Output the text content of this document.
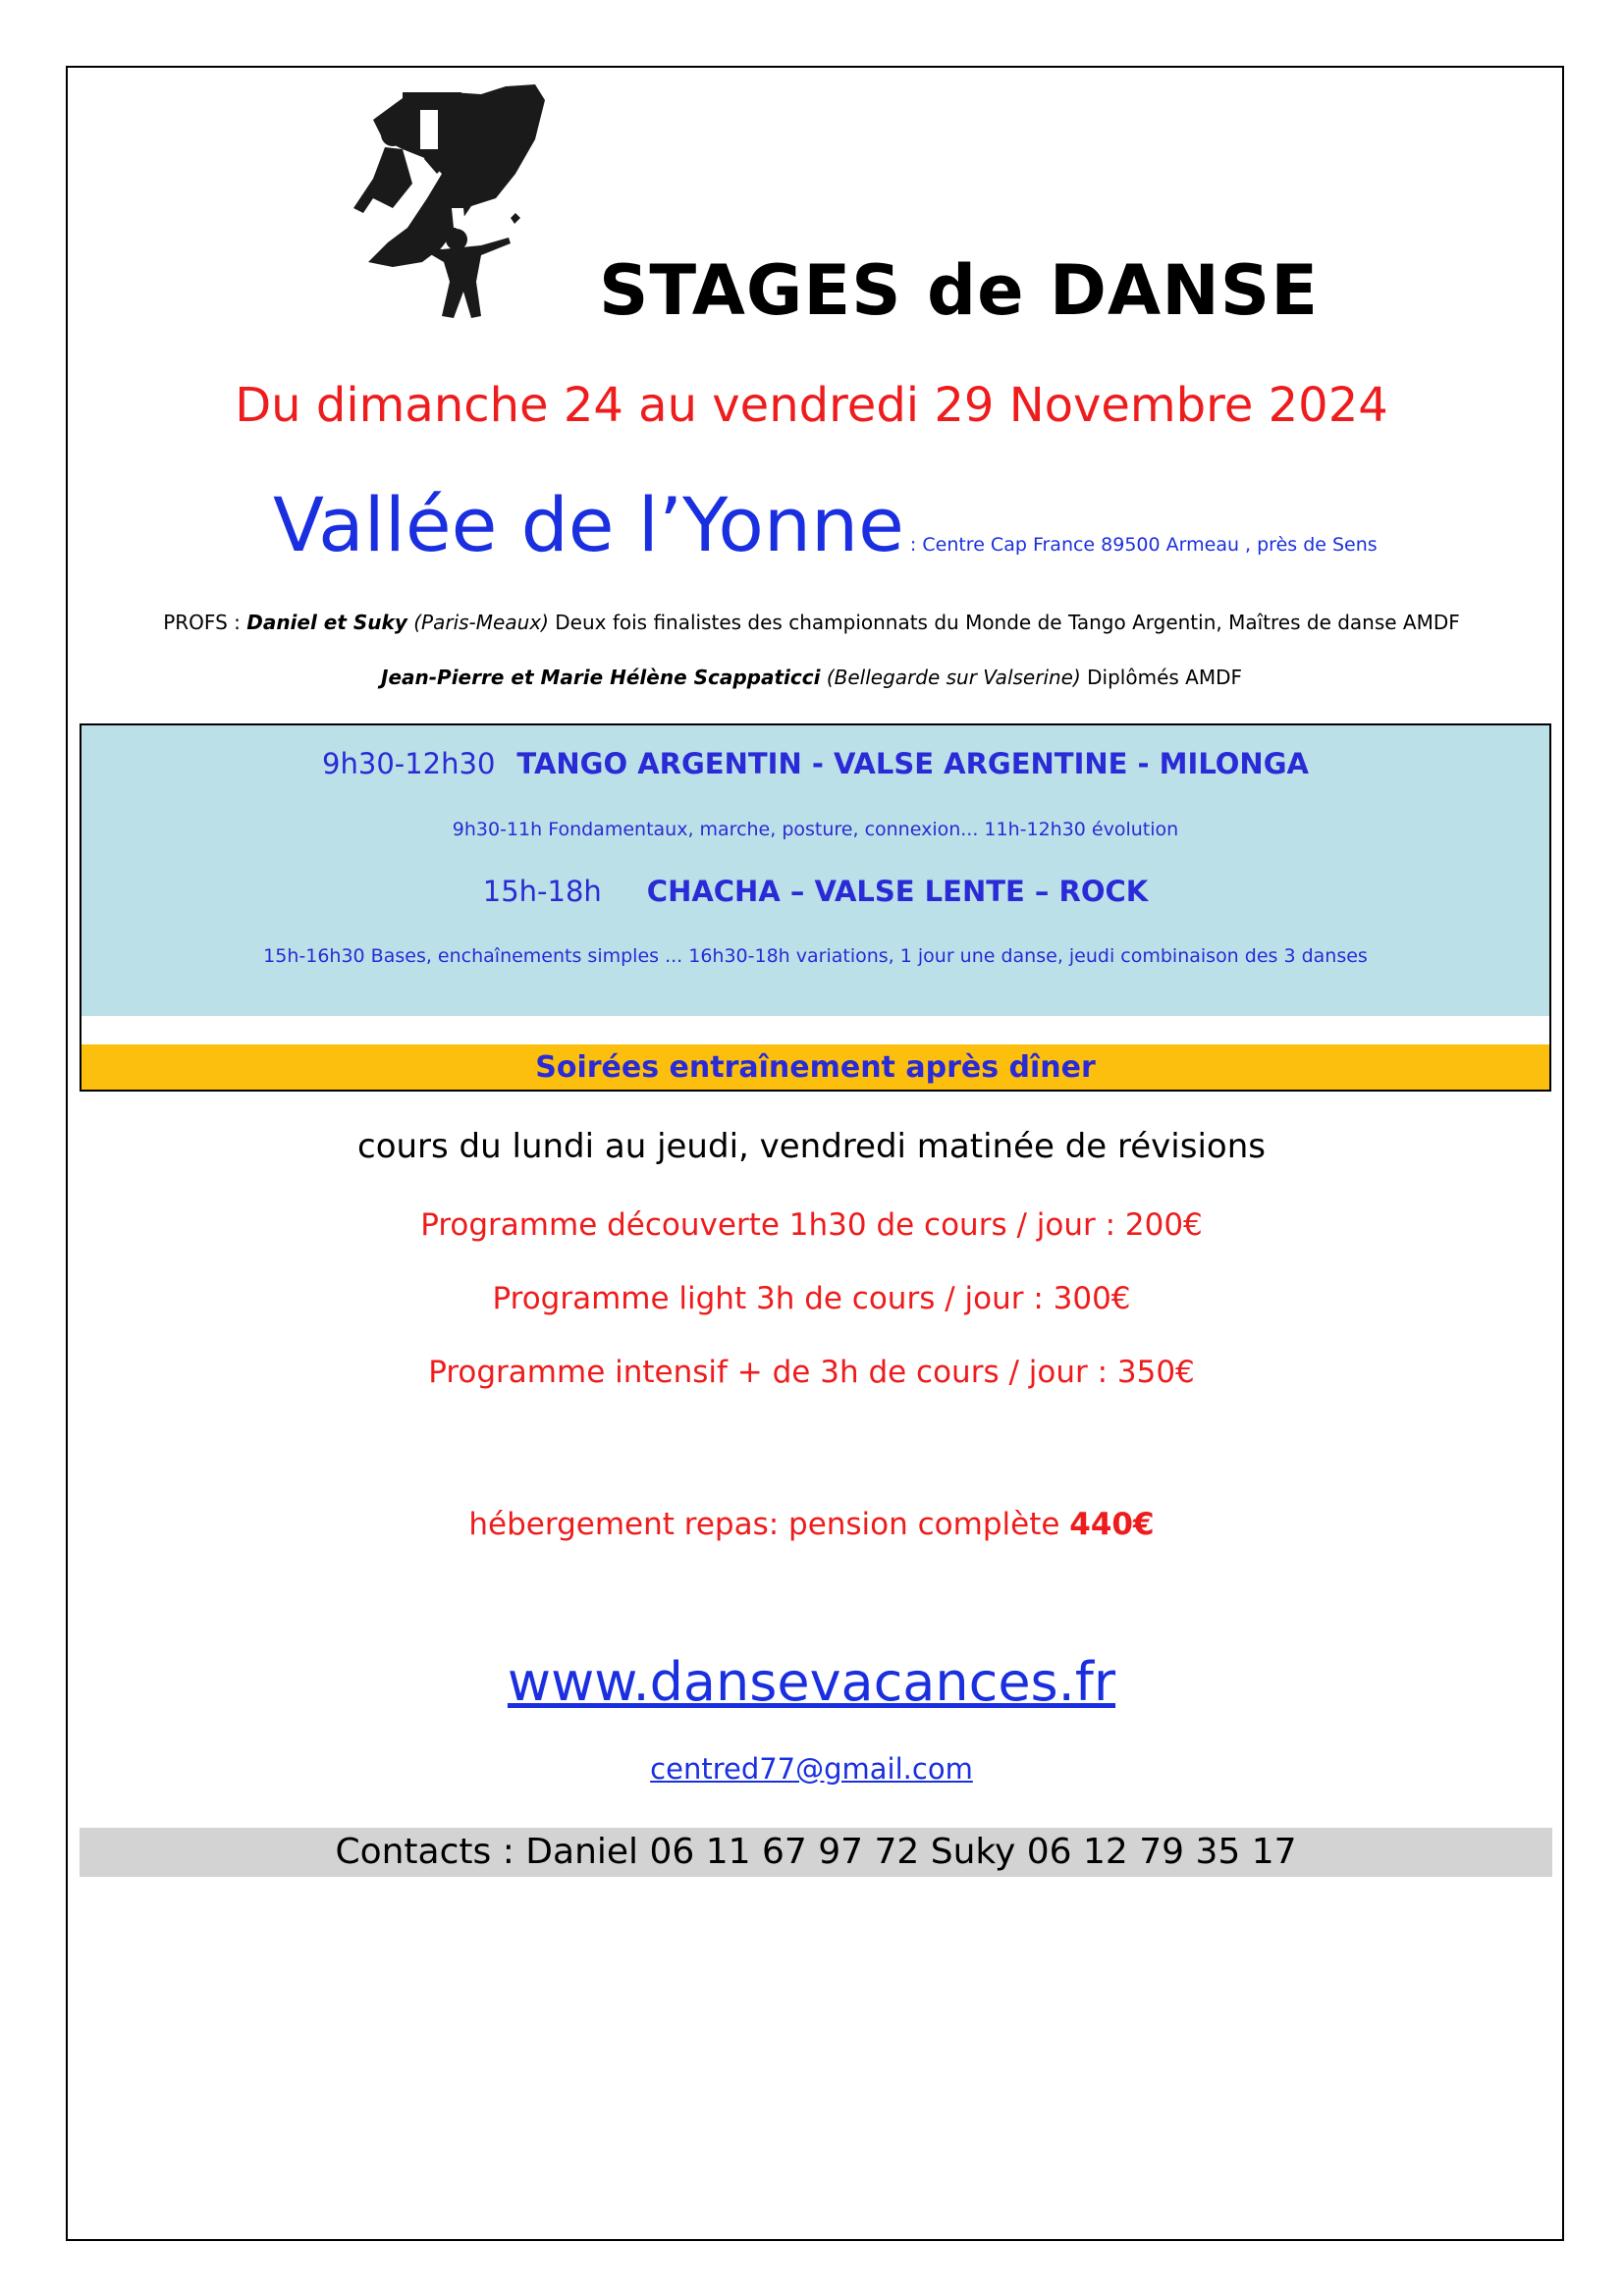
STAGES de DANSE
Du dimanche 24 au vendredi 29 Novembre 2024
Vallée de l’Yonne : Centre Cap France 89500 Armeau , près de Sens
PROFS : Daniel et Suky (Paris-Meaux) Deux fois finalistes des championnats du Monde de Tango Argentin, Maîtres de danse AMDF
Jean-Pierre et Marie Hélène Scappaticci (Bellegarde sur Valserine) Diplômés AMDF
9h30-12h30 TANGO ARGENTIN - VALSE ARGENTINE - MILONGA
9h30-11h Fondamentaux, marche, posture, connexion... 11h-12h30 évolution
15h-18h CHACHA – VALSE LENTE – ROCK
15h-16h30 Bases, enchaînements simples ... 16h30-18h variations, 1 jour une danse, jeudi combinaison des 3 danses
Soirées entraînement après dîner
cours du lundi au jeudi, vendredi matinée de révisions
Programme découverte 1h30 de cours / jour : 200€
Programme light 3h de cours / jour : 300€
Programme intensif + de 3h de cours / jour : 350€
hébergement repas: pension complète 440€
www.dansevacances.fr
centred77@gmail.com
Contacts : Daniel 06 11 67 97 72 Suky 06 12 79 35 17
